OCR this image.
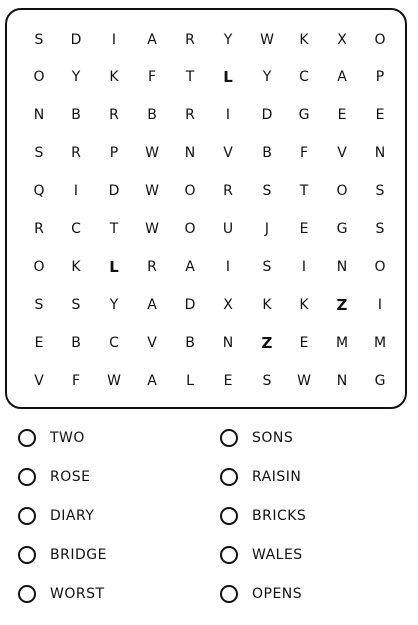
S	D	I	A	R	Y	W	K	X	O
O	Y	K	F	T	L	Y	C	A	P
N	B	R	B	R	I	D	G	E	E
S	R	P	W	N	V	B	F	V	N
Q	I	D	W	O	R	S	T	O	S
R	C	T	W	O	U	J	E	G	S
O	K	L	R	A	I	S	I	N	O
S	S	Y	A	D	X	K	K	Z	I
E	B	C	V	B	N	Z	E	M	M
V	F	W	A	L	E	S	W	N	G
TWO	SONS
ROSE	RAISIN
DIARY	BRICKS
BRIDGE	WALES
WORST	OPENS
